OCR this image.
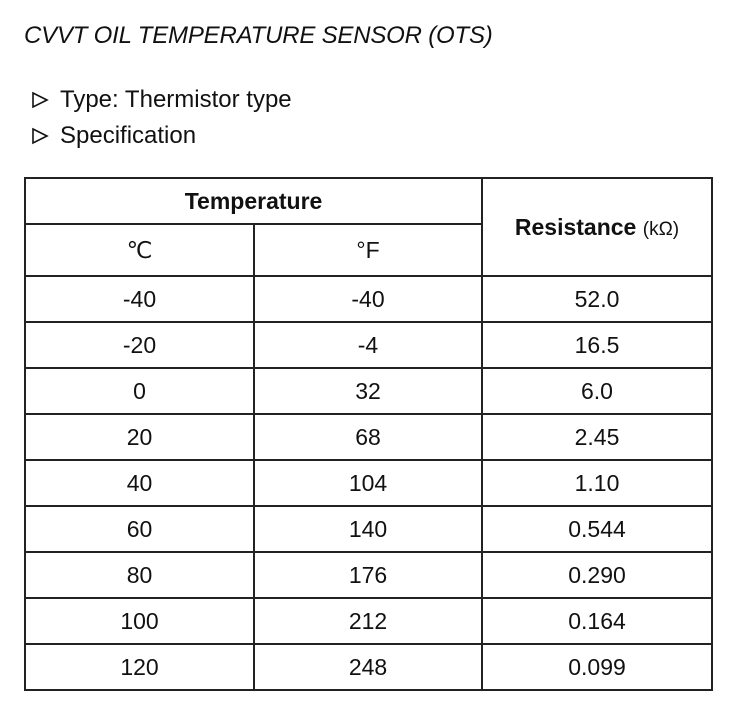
CVVT OIL TEMPERATURE SENSOR (OTS)
Type: Thermistor type
Specification
Temperature		Resistance (kΩ)
℃	°F	
-40	-40	52.0
-20	-4	16.5
0	32	6.0
20	68	2.45
40	104	1.10
60	140	0.544
80	176	0.290
100	212	0.164
120	248	0.099
